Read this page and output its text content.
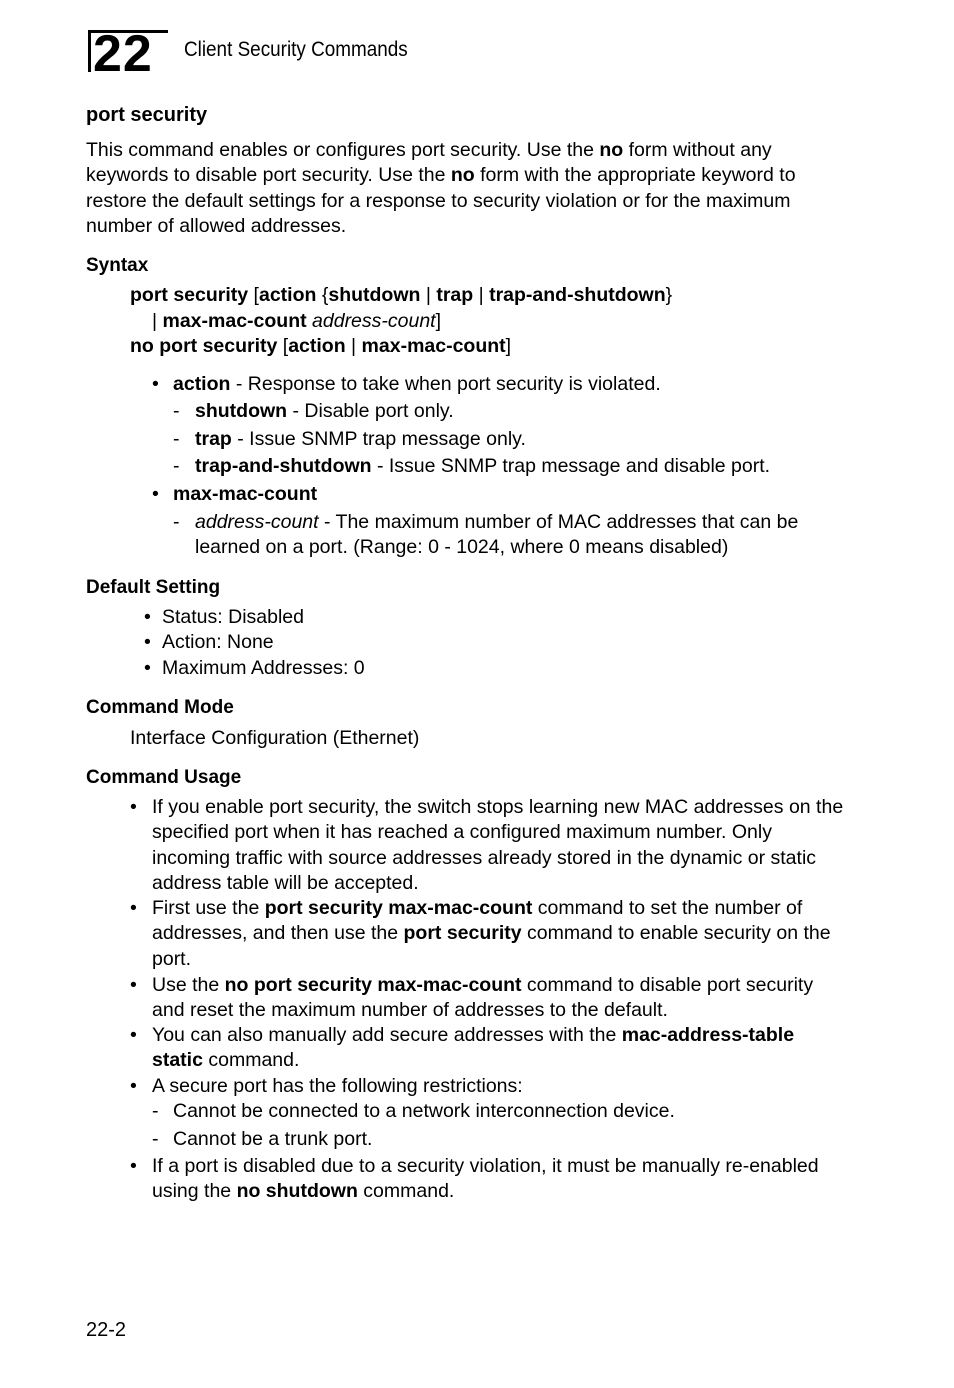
22	Client Security Commands
port security
This command enables or configures port security. Use the no form without any keywords to disable port security. Use the no form with the appropriate keyword to restore the default settings for a response to security violation or for the maximum number of allowed addresses.
Syntax
port security [action {shutdown | trap | trap-and-shutdown}
| max-mac-count address-count]
no port security [action | max-mac-count]
• action - Response to take when port security is violated.
- shutdown - Disable port only.
- trap - Issue SNMP trap message only.
- trap-and-shutdown - Issue SNMP trap message and disable port.
• max-mac-count
- address-count - The maximum number of MAC addresses that can be learned on a port. (Range: 0 - 1024, where 0 means disabled)
Default Setting
• Status: Disabled
• Action: None
• Maximum Addresses: 0
Command Mode
Interface Configuration (Ethernet)
Command Usage
• If you enable port security, the switch stops learning new MAC addresses on the specified port when it has reached a configured maximum number. Only incoming traffic with source addresses already stored in the dynamic or static address table will be accepted.
• First use the port security max-mac-count command to set the number of addresses, and then use the port security command to enable security on the port.
• Use the no port security max-mac-count command to disable port security and reset the maximum number of addresses to the default.
• You can also manually add secure addresses with the mac-address-table static command.
• A secure port has the following restrictions:
- Cannot be connected to a network interconnection device.
- Cannot be a trunk port.
• If a port is disabled due to a security violation, it must be manually re-enabled using the no shutdown command.
22-2
